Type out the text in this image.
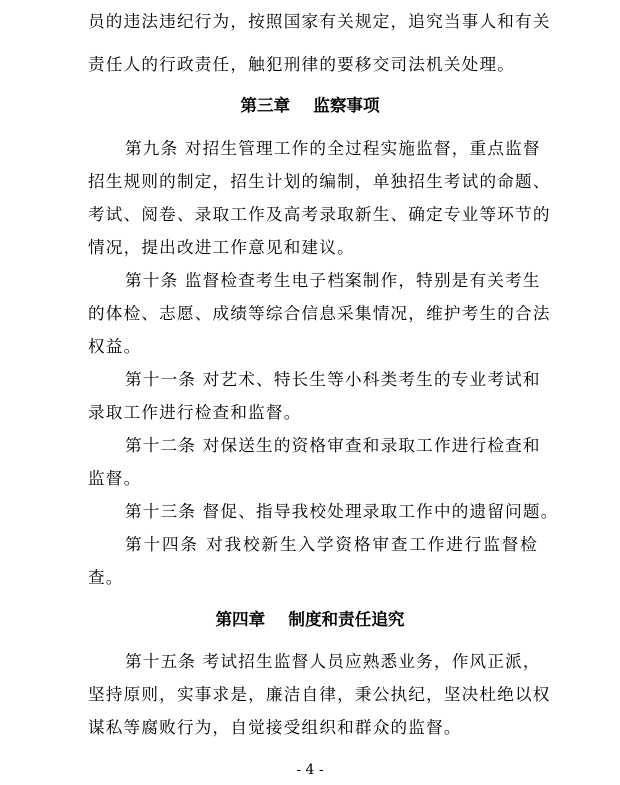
员的违法违纪行为，按照国家有关规定，追究当事人和有关
责任人的行政责任，触犯刑律的要移交司法机关处理。
第三章    监察事项
第九条 对招生管理工作的全过程实施监督，重点监督
招生规则的制定，招生计划的编制，单独招生考试的命题、
考试、阅卷、录取工作及高考录取新生、确定专业等环节的
情况，提出改进工作意见和建议。
第十条 监督检查考生电子档案制作，特别是有关考生
的体检、志愿、成绩等综合信息采集情况，维护考生的合法
权益。
第十一条 对艺术、特长生等小科类考生的专业考试和
录取工作进行检查和监督。
第十二条 对保送生的资格审查和录取工作进行检查和
监督。
第十三条 督促、指导我校处理录取工作中的遗留问题。
第十四条 对我校新生入学资格审查工作进行监督检
查。
第四章    制度和责任追究
第十五条 考试招生监督人员应熟悉业务，作风正派，
坚持原则，实事求是，廉洁自律，秉公执纪，坚决杜绝以权
谋私等腐败行为，自觉接受组织和群众的监督。
- 4 -
